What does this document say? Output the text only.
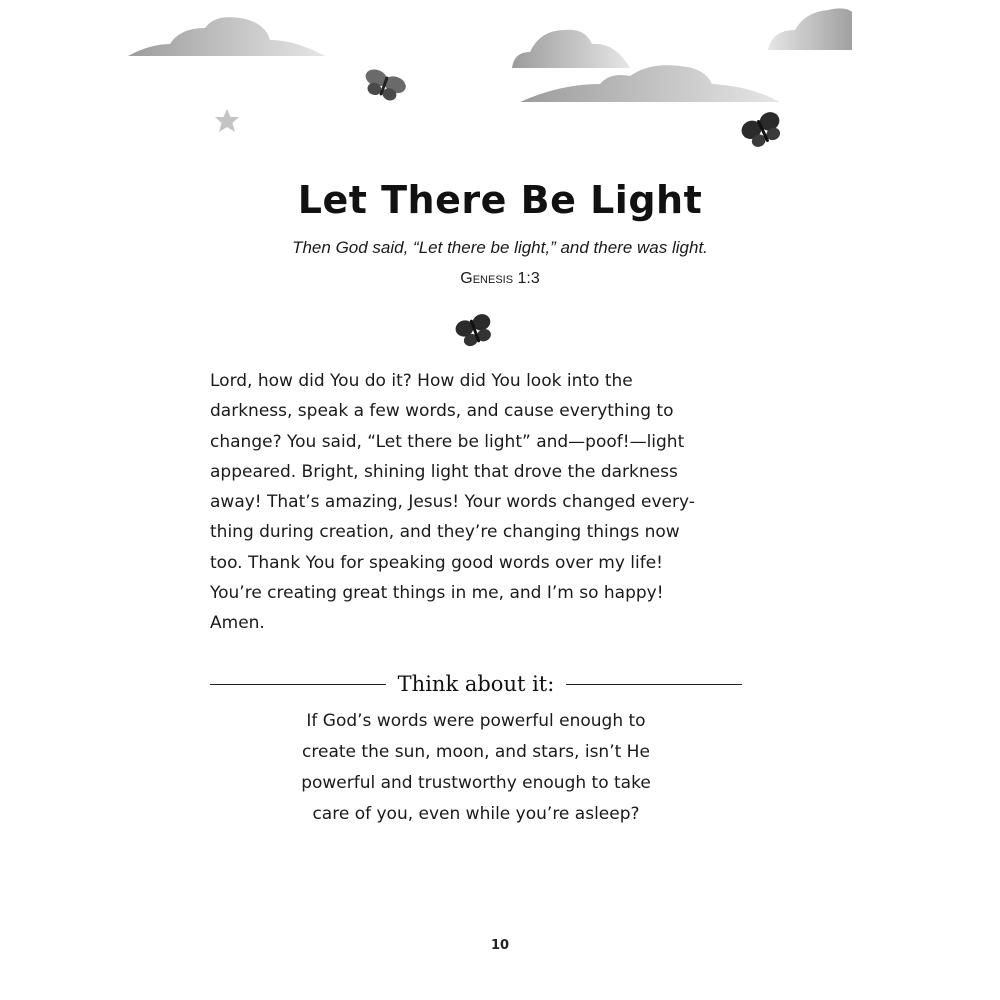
Let There Be Light
Then God said, “Let there be light,” and there was light.
Genesis 1:3
Lord, how did You do it? How did You look into the
darkness, speak a few words, and cause everything to
change? You said, “Let there be light” and—poof!—light
appeared. Bright, shining light that drove the darkness
away! That’s amazing, Jesus! Your words changed every-
thing during creation, and they’re changing things now
too. Thank You for speaking good words over my life!
You’re creating great things in me, and I’m so happy!
Amen.
Think about it:
If God’s words were powerful enough to
create the sun, moon, and stars, isn’t He
powerful and trustworthy enough to take
care of you, even while you’re asleep?
10
